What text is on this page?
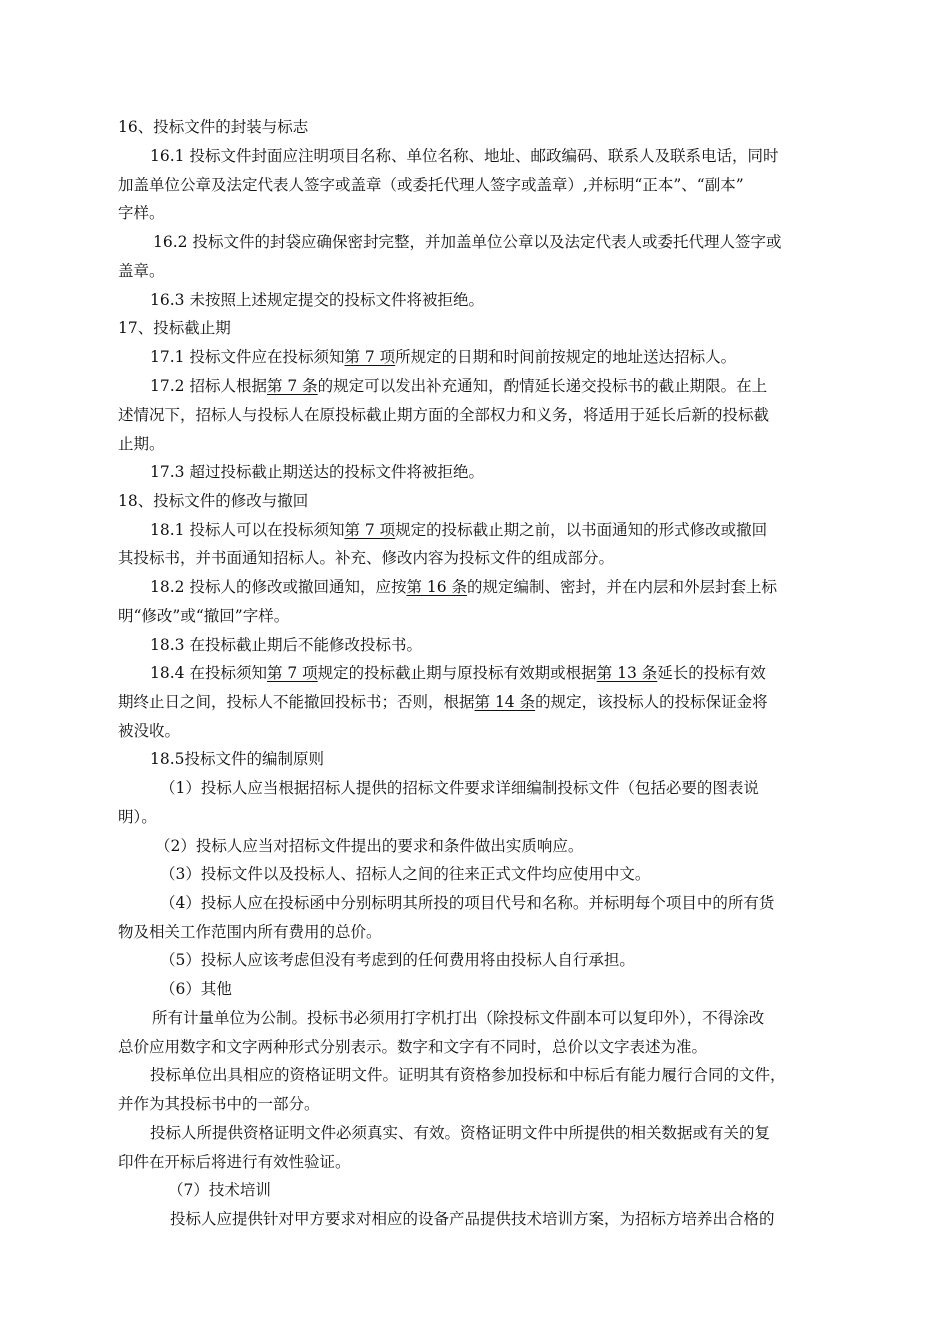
16、投标文件的封装与标志
16.1 投标文件封面应注明项目名称、单位名称、地址、邮政编码、联系人及联系电话，同时
加盖单位公章及法定代表人签字或盖章（或委托代理人签字或盖章）,并标明“正本”、“副本”
字样。
16.2 投标文件的封袋应确保密封完整，并加盖单位公章以及法定代表人或委托代理人签字或
盖章。
16.3 未按照上述规定提交的投标文件将被拒绝。
17、投标截止期
17.1 投标文件应在投标须知第 7 项所规定的日期和时间前按规定的地址送达招标人。
17.2 招标人根据第 7 条的规定可以发出补充通知，酌情延长递交投标书的截止期限。在上
述情况下，招标人与投标人在原投标截止期方面的全部权力和义务，将适用于延长后新的投标截
止期。
17.3 超过投标截止期送达的投标文件将被拒绝。
18、投标文件的修改与撤回
18.1 投标人可以在投标须知第 7 项规定的投标截止期之前，以书面通知的形式修改或撤回
其投标书，并书面通知招标人。补充、修改内容为投标文件的组成部分。
18.2 投标人的修改或撤回通知，应按第 16 条的规定编制、密封，并在内层和外层封套上标
明“修改”或“撤回”字样。
18.3 在投标截止期后不能修改投标书。
18.4 在投标须知第 7 项规定的投标截止期与原投标有效期或根据第 13 条延长的投标有效
期终止日之间，投标人不能撤回投标书；否则，根据第 14 条的规定，该投标人的投标保证金将
被没收。
18.5投标文件的编制原则
（1）投标人应当根据招标人提供的招标文件要求详细编制投标文件（包括必要的图表说
明）。
（2）投标人应当对招标文件提出的要求和条件做出实质响应。
（3）投标文件以及投标人、招标人之间的往来正式文件均应使用中文。
（4）投标人应在投标函中分别标明其所投的项目代号和名称。并标明每个项目中的所有货
物及相关工作范围内所有费用的总价。
（5）投标人应该考虑但没有考虑到的任何费用将由投标人自行承担。
（6）其他
所有计量单位为公制。投标书必须用打字机打出（除投标文件副本可以复印外），不得涂改
总价应用数字和文字两种形式分别表示。数字和文字有不同时，总价以文字表述为准。
投标单位出具相应的资格证明文件。证明其有资格参加投标和中标后有能力履行合同的文件，
并作为其投标书中的一部分。
投标人所提供资格证明文件必须真实、有效。资格证明文件中所提供的相关数据或有关的复
印件在开标后将进行有效性验证。
（7）技术培训
投标人应提供针对甲方要求对相应的设备产品提供技术培训方案，为招标方培养出合格的
